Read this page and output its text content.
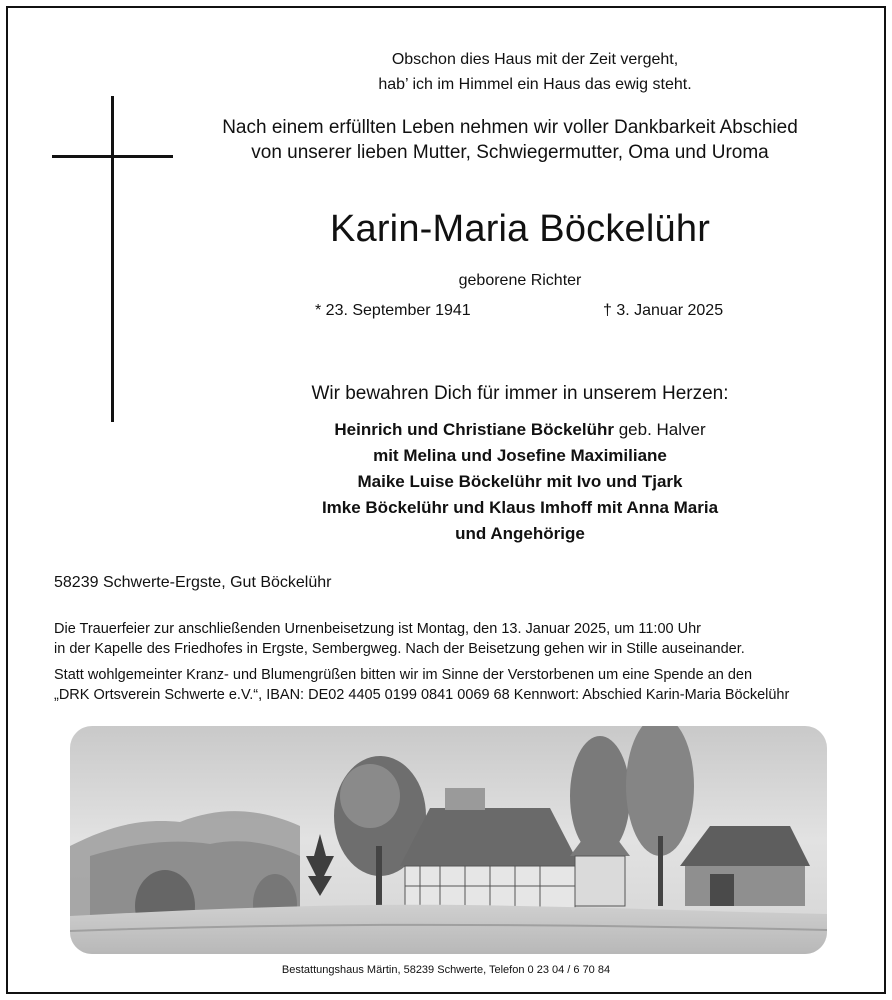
Obschon dies Haus mit der Zeit vergeht,
hab’ ich im Himmel ein Haus das ewig steht.
Nach einem erfüllten Leben nehmen wir voller Dankbarkeit Abschied
von unserer lieben Mutter, Schwiegermutter, Oma und Uroma
Karin-Maria Böckelühr
geborene Richter
* 23. September 1941	† 3. Januar 2025
Wir bewahren Dich für immer in unserem Herzen:
Heinrich und Christiane Böckelühr geb. Halver
mit Melina und Josefine Maximiliane
Maike Luise Böckelühr mit Ivo und Tjark
Imke Böckelühr und Klaus Imhoff mit Anna Maria
und Angehörige
58239 Schwerte-Ergste, Gut Böckelühr
Die Trauerfeier zur anschließenden Urnenbeisetzung ist Montag, den 13. Januar 2025, um 11:00 Uhr
in der Kapelle des Friedhofes in Ergste, Sembergweg. Nach der Beisetzung gehen wir in Stille auseinander.
Statt wohlgemeinter Kranz- und Blumengrüßen bitten wir im Sinne der Verstorbenen um eine Spende an den
„DRK Ortsverein Schwerte e.V.“, IBAN: DE02 4405 0199 0841 0069 68 Kennwort: Abschied Karin-Maria Böckelühr
Bestattungshaus Märtin, 58239 Schwerte, Telefon 0 23 04 / 6 70 84
